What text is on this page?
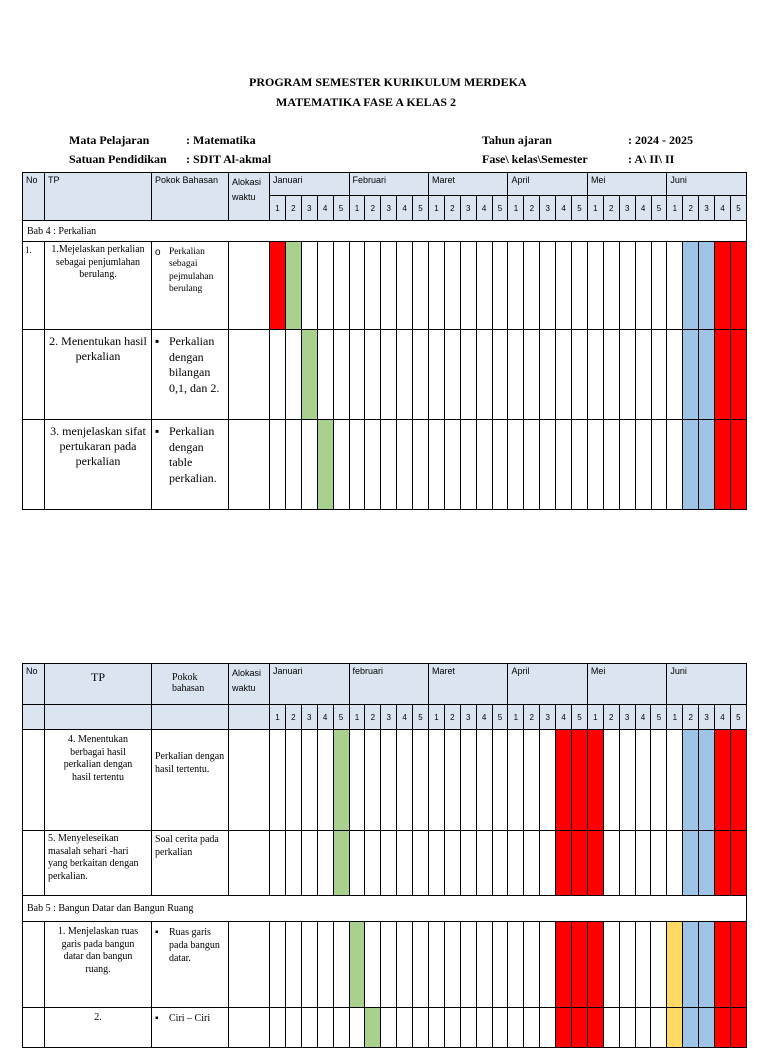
PROGRAM SEMESTER KURIKULUM MERDEKA
MATEMATIKA FASE A KELAS 2
Mata Pelajaran	: Matematika
Satuan Pendidikan : SDIT Al-akmal
Tahun ajaran	: 2024 - 2025
Fase\ kelas\Semester	: A\ II\ II
No	TP	Pokok Bahasan	Alokasi waktu	Januari					Februari					Maret					April					Mei					Juni				
				1	2	3	4	5	1	2	3	4	5	1	2	3	4	5	1	2	3	4	5	1	2	3	4	5	1	2	3	4	5
Bab 4 : Perkalian																																	
1.	1.Mejelaskan perkalian sebagai penjumlahan berulang.	o Perkalian sebagai pejmulahan berulang																															

	2. Menentukan hasil perkalian	▪ Perkalian dengan bilangan 0,1, dan 2.																															

	3. menjelaskan sifat pertukaran pada perkalian	▪ Perkalian dengan table perkalian.																															

No	TP	Pokok bahasan	Alokasi waktu	Januari					februari					Maret					April					Mei					Juni				
				1	2	3	4	5	1	2	3	4	5	1	2	3	4	5	1	2	3	4	5	1	2	3	4	5	1	2	3	4	5
	4. Menentukan berbagai hasil perkalian dengan hasil tertentu	Perkalian dengan hasil tertentu.																															
	5. Menyeleseikan masalah sehari -hari yang berkaitan dengan perkalian.	Soal cerita pada perkalian																															
Bab 5 : Bangun Datar dan Bangun Ruang																																	
	1. Menjelaskan ruas garis pada bangun datar dan bangun ruang.	▪ Ruas garis pada bangun datar.																															

	2.	▪ Ciri – Ciri																															
